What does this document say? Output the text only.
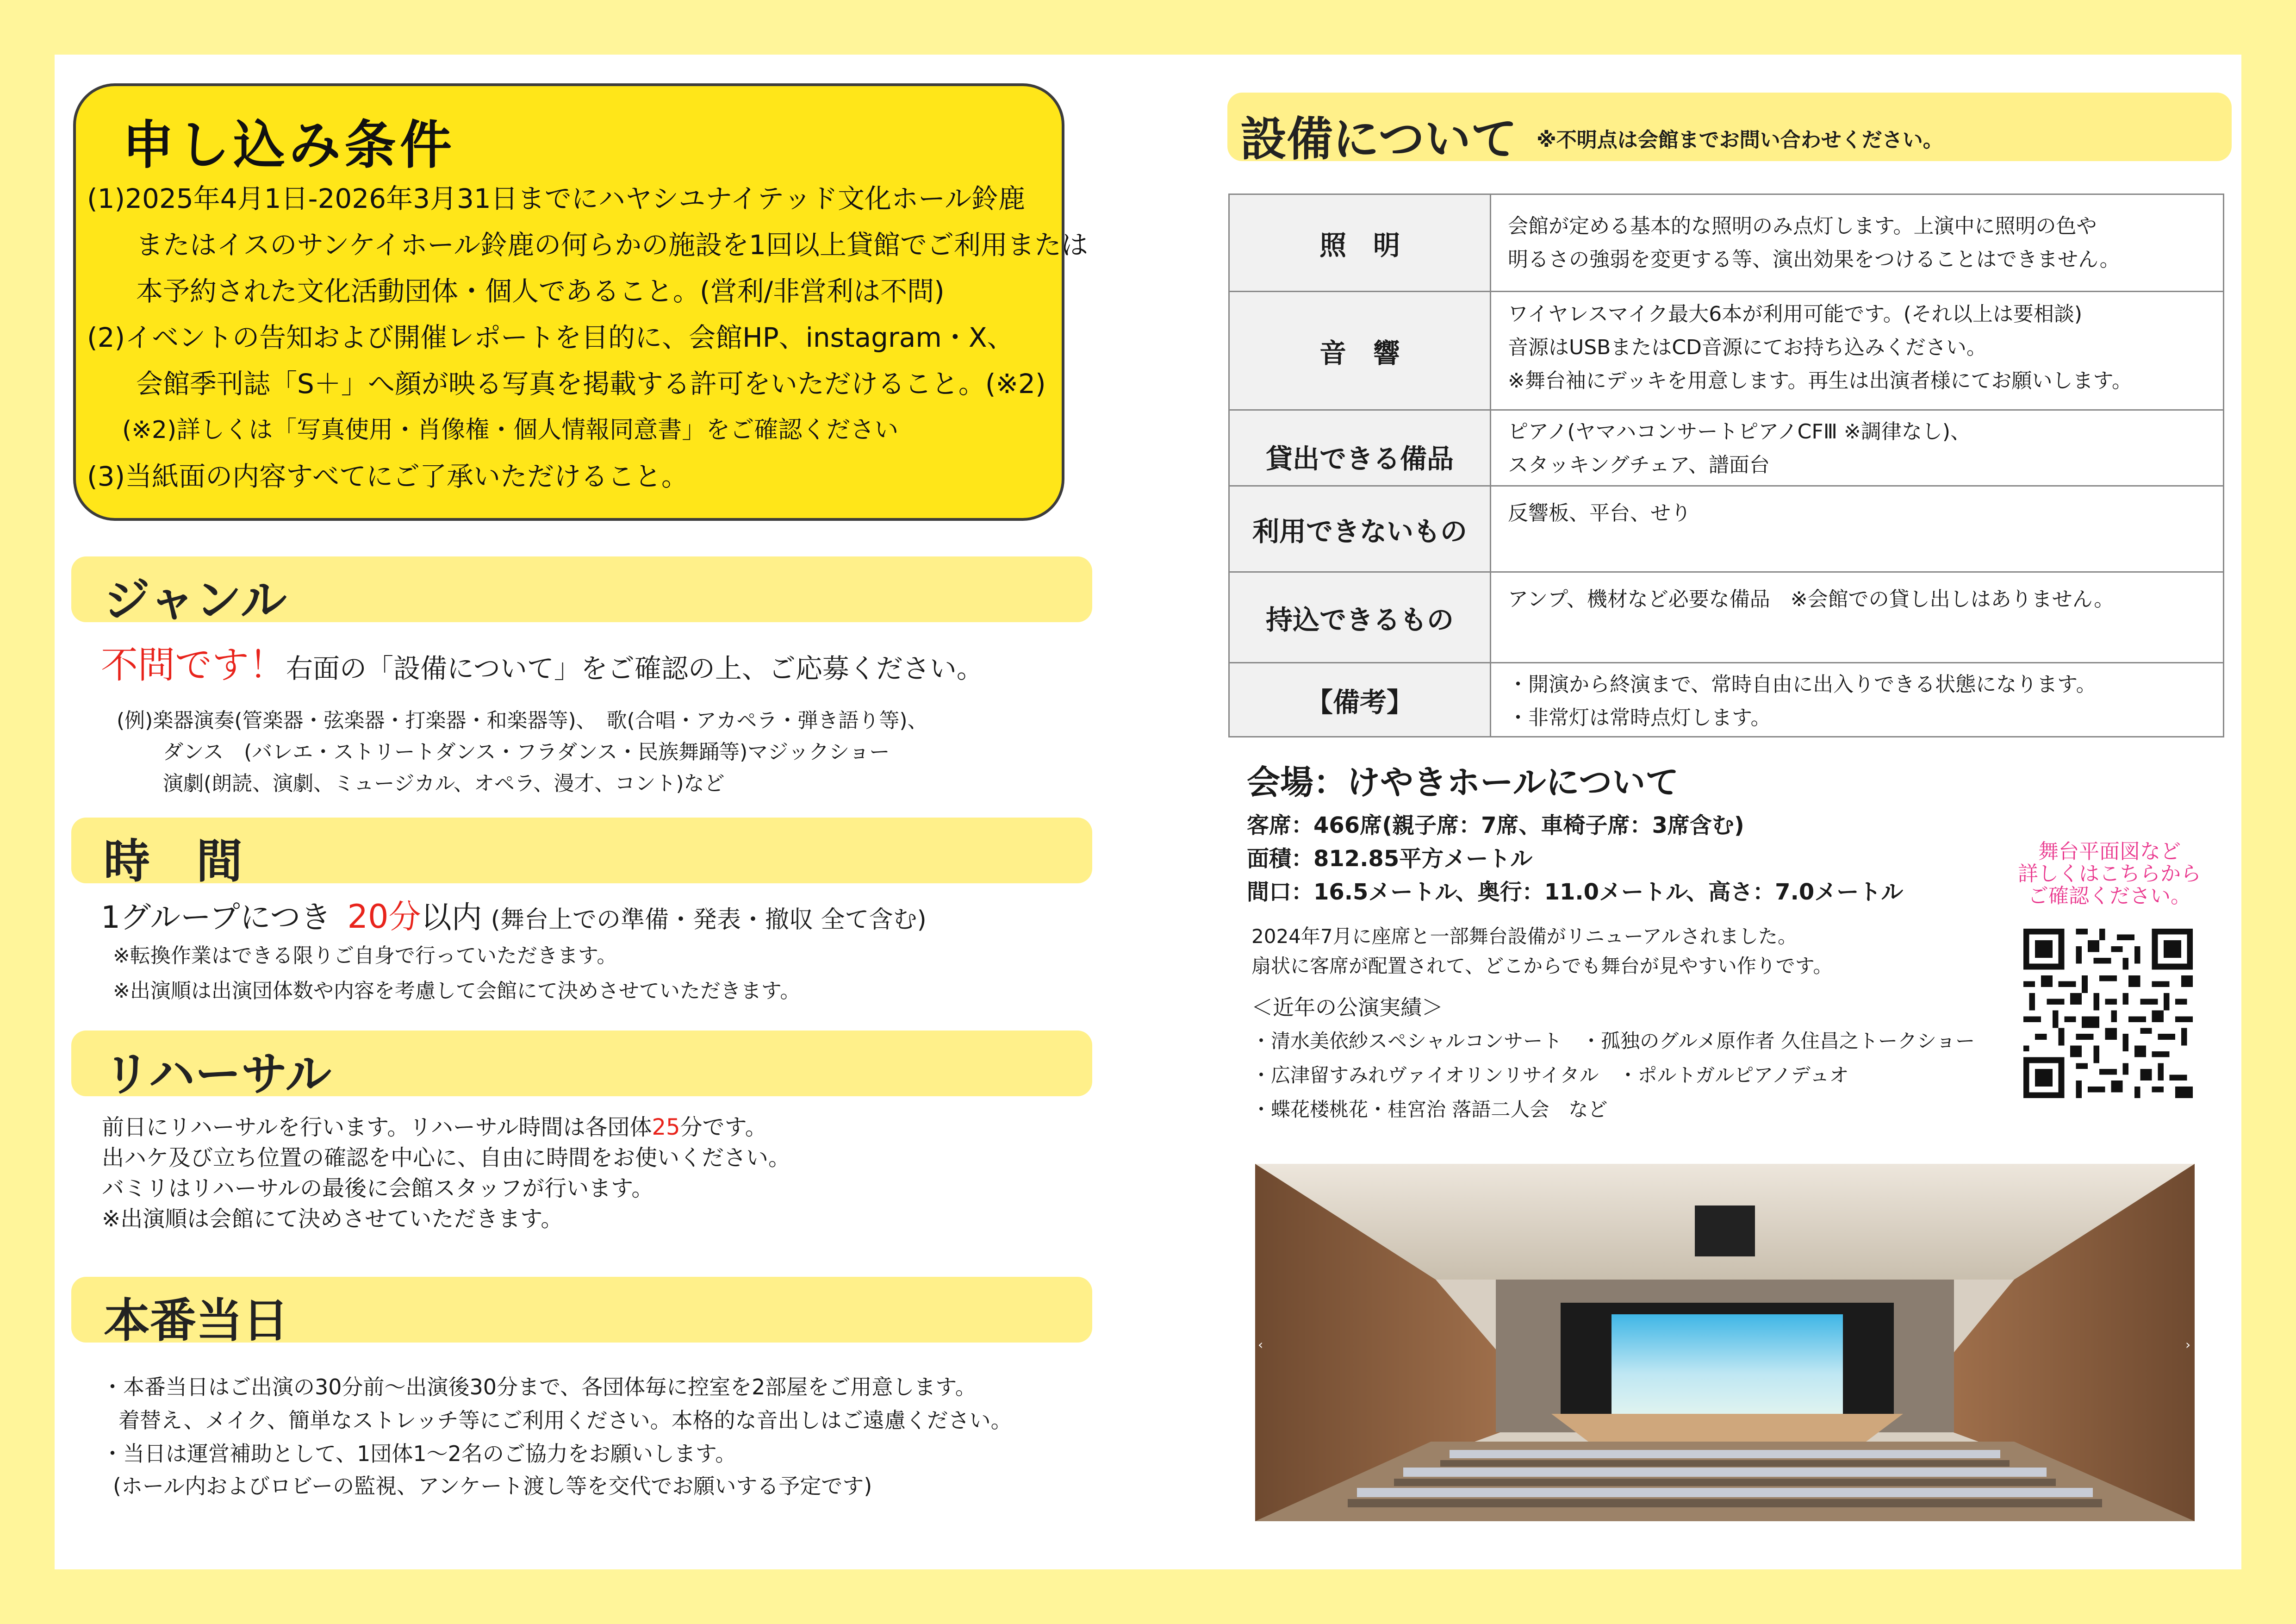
申し込み条件
(1)2025年4月1日-2026年3月31日までにハヤシユナイテッド文化ホール鈴鹿
またはイスのサンケイホール鈴鹿の何らかの施設を1回以上貸館でご利用または
本予約された文化活動団体・個人であること。(営利/非営利は不問)
(2)イベントの告知および開催レポートを目的に、会館HP、instagram・X、
会館季刊誌「S＋」へ顔が映る写真を掲載する許可をいただけること。(※2)
(※2)詳しくは「写真使用・肖像権・個人情報同意書」をご確認ください
(3)当紙面の内容すべてにご了承いただけること。
ジャンル
不問です！右面の「設備について」をご確認の上、ご応募ください。
(例)楽器演奏(管楽器・弦楽器・打楽器・和楽器等)、　歌(合唱・アカペラ・弾き語り等)、
ダンス　(バレエ・ストリートダンス・フラダンス・民族舞踊等)マジックショー
演劇(朗読、演劇、ミュージカル、オペラ、漫才、コント)など
時　間
1グループにつき 20分以内 (舞台上での準備・発表・撤収 全て含む)
※転換作業はできる限りご自身で行っていただきます。
※出演順は出演団体数や内容を考慮して会館にて決めさせていただきます。
リハーサル
前日にリハーサルを行います。リハーサル時間は各団体25分です。
出ハケ及び立ち位置の確認を中心に、自由に時間をお使いください。
バミリはリハーサルの最後に会館スタッフが行います。
※出演順は会館にて決めさせていただきます。
本番当日
・本番当日はご出演の30分前～出演後30分まで、各団体毎に控室を2部屋をご用意します。
着替え、メイク、簡単なストレッチ等にご利用ください。本格的な音出しはご遠慮ください。
・当日は運営補助として、1団体1～2名のご協力をお願いします。
(ホール内およびロビーの監視、アンケート渡し等を交代でお願いする予定です)
設備について ※不明点は会館までお問い合わせください。
照　明	会館が定める基本的な照明のみ点灯します。上演中に照明の色や
明るさの強弱を変更する等、演出効果をつけることはできません。

音　響	ワイヤレスマイク最大6本が利用可能です。(それ以上は要相談)
音源はUSBまたはCD音源にてお持ち込みください。
※舞台袖にデッキを用意します。再生は出演者様にてお願いします。

貸出できる備品	ピアノ(ヤマハコンサートピアノCFⅢ ※調律なし)、
スタッキングチェア、譜面台

利用できないもの	反響板、平台、せり

持込できるもの	アンプ、機材など必要な備品　※会館での貸し出しはありません。

【備考】	・開演から終演まで、常時自由に出入りできる状態になります。
・非常灯は常時点灯します。
会場：けやきホールについて
客席：466席(親子席：7席、車椅子席：3席含む)
面積：812.85平方メートル
間口：16.5メートル、奥行：11.0メートル、高さ：7.0メートル
2024年7月に座席と一部舞台設備がリニューアルされました。
扇状に客席が配置されて、どこからでも舞台が見やすい作りです。
＜近年の公演実績＞
・清水美依紗スペシャルコンサート　・孤独のグルメ原作者 久住昌之トークショー
・広津留すみれヴァイオリンリサイタル　・ポルトガルピアノデュオ
・蝶花楼桃花・桂宮治 落語二人会　など
舞台平面図など
詳しくはこちらから
ご確認ください。
‹	›
